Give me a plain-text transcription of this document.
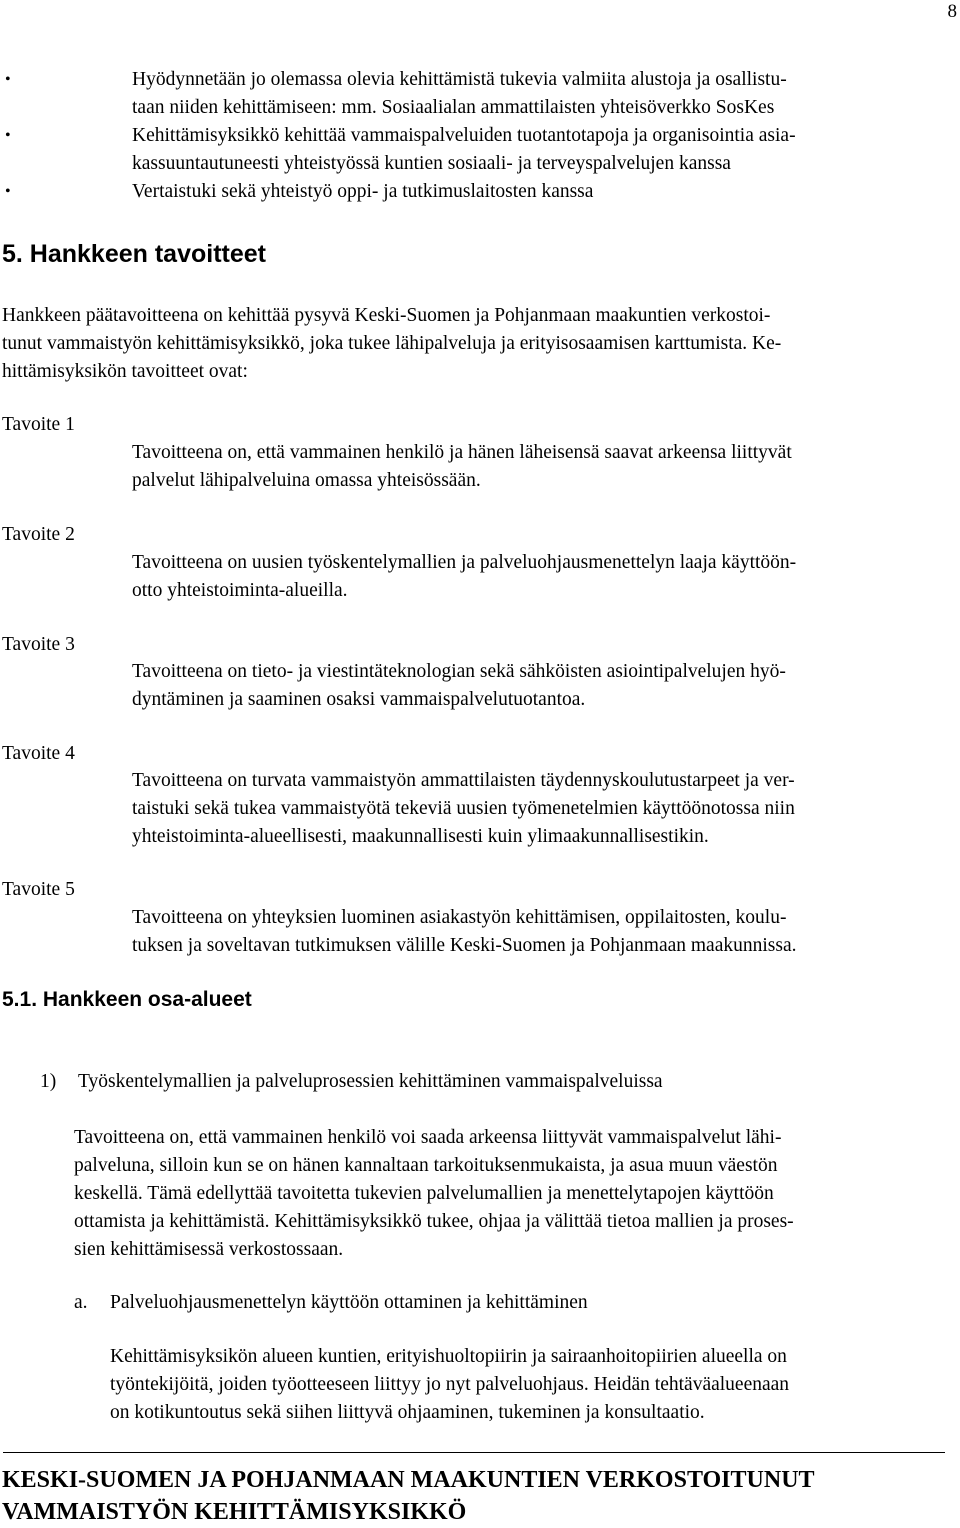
8
•	Hyödynnetään jo olemassa olevia kehittämistä tukevia valmiita alustoja ja osallistu-
taan niiden kehittämiseen: mm. Sosiaalialan ammattilaisten yhteisöverkko SosKes
•	Kehittämisyksikkö kehittää vammaispalveluiden tuotantotapoja ja organisointia asia-
kassuuntautuneesti yhteistyössä kuntien sosiaali- ja terveyspalvelujen kanssa
•	Vertaistuki sekä yhteistyö oppi- ja tutkimuslaitosten kanssa
5. Hankkeen tavoitteet
Hankkeen päätavoitteena on kehittää pysyvä Keski-Suomen ja Pohjanmaan maakuntien verkostoi-
tunut vammaistyön kehittämisyksikkö, joka tukee lähipalveluja ja erityisosaamisen karttumista. Ke-
hittämisyksikön tavoitteet ovat:
Tavoite 1
Tavoitteena on, että vammainen henkilö ja hänen läheisensä saavat arkeensa liittyvät
palvelut lähipalveluina omassa yhteisössään.
Tavoite 2
Tavoitteena on uusien työskentelymallien ja palveluohjausmenettelyn laaja käyttöön-
otto yhteistoiminta-alueilla.
Tavoite 3
Tavoitteena on tieto- ja viestintäteknologian sekä sähköisten asiointipalvelujen hyö-
dyntäminen ja saaminen osaksi vammaispalvelutuotantoa.
Tavoite 4
Tavoitteena on turvata vammaistyön ammattilaisten täydennyskoulutustarpeet ja ver-
taistuki sekä tukea vammaistyötä tekeviä uusien työmenetelmien käyttöönotossa niin
yhteistoiminta-alueellisesti, maakunnallisesti kuin ylimaakunnallisestikin.
Tavoite 5
Tavoitteena on yhteyksien luominen asiakastyön kehittämisen, oppilaitosten, koulu-
tuksen ja soveltavan tutkimuksen välille Keski-Suomen ja Pohjanmaan maakunnissa.
5.1. Hankkeen osa-alueet
1) Työskentelymallien ja palveluprosessien kehittäminen vammaispalveluissa
Tavoitteena on, että vammainen henkilö voi saada arkeensa liittyvät vammaispalvelut lähi-
palveluna, silloin kun se on hänen kannaltaan tarkoituksenmukaista, ja asua muun väestön
keskellä. Tämä edellyttää tavoitetta tukevien palvelumallien ja menettelytapojen käyttöön
ottamista ja kehittämistä. Kehittämisyksikkö tukee, ohjaa ja välittää tietoa mallien ja proses-
sien kehittämisessä verkostossaan.
a. Palveluohjausmenettelyn käyttöön ottaminen ja kehittäminen
Kehittämisyksikön alueen kuntien, erityishuoltopiirin ja sairaanhoitopiirien alueella on
työntekijöitä, joiden työotteeseen liittyy jo nyt palveluohjaus. Heidän tehtäväalueenaan
on kotikuntoutus sekä siihen liittyvä ohjaaminen, tukeminen ja konsultaatio.
KESKI-SUOMEN JA POHJANMAAN MAAKUNTIEN VERKOSTOITUNUT
VAMMAISTYÖN KEHITTÄMISYKSIKKÖ
